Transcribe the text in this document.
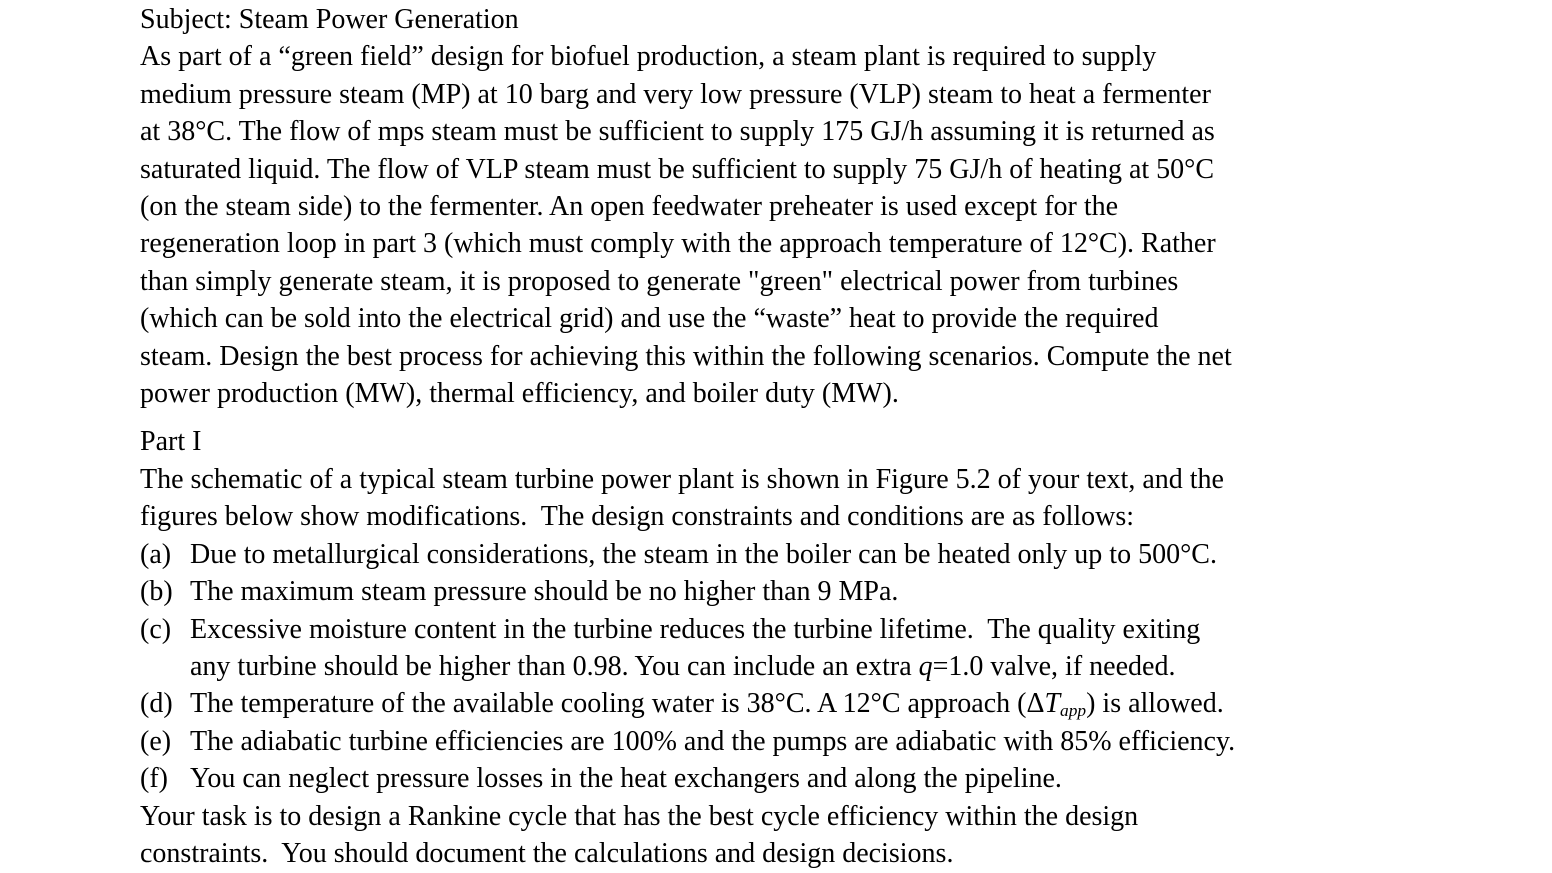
Subject: Steam Power Generation
As part of a “green field” design for biofuel production, a steam plant is required to supply
medium pressure steam (MP) at 10 barg and very low pressure (VLP) steam to heat a fermenter
at 38°C. The flow of mps steam must be sufficient to supply 175 GJ/h assuming it is returned as
saturated liquid. The flow of VLP steam must be sufficient to supply 75 GJ/h of heating at 50°C
(on the steam side) to the fermenter. An open feedwater preheater is used except for the
regeneration loop in part 3 (which must comply with the approach temperature of 12°C). Rather
than simply generate steam, it is proposed to generate "green" electrical power from turbines
(which can be sold into the electrical grid) and use the “waste” heat to provide the required
steam. Design the best process for achieving this within the following scenarios. Compute the net
power production (MW), thermal efficiency, and boiler duty (MW).
Part I
The schematic of a typical steam turbine power plant is shown in Figure 5.2 of your text, and the
figures below show modifications.  The design constraints and conditions are as follows:
(a) Due to metallurgical considerations, the steam in the boiler can be heated only up to 500°C.
(b) The maximum steam pressure should be no higher than 9 MPa.
(c) Excessive moisture content in the turbine reduces the turbine lifetime.  The quality exiting
any turbine should be higher than 0.98. You can include an extra q=1.0 valve, if needed.
(d) The temperature of the available cooling water is 38°C. A 12°C approach $(\Delta T_{app})$ is allowed.
(e) The adiabatic turbine efficiencies are 100% and the pumps are adiabatic with 85% efficiency.
(f) You can neglect pressure losses in the heat exchangers and along the pipeline.
Your task is to design a Rankine cycle that has the best cycle efficiency within the design
constraints.  You should document the calculations and design decisions.
